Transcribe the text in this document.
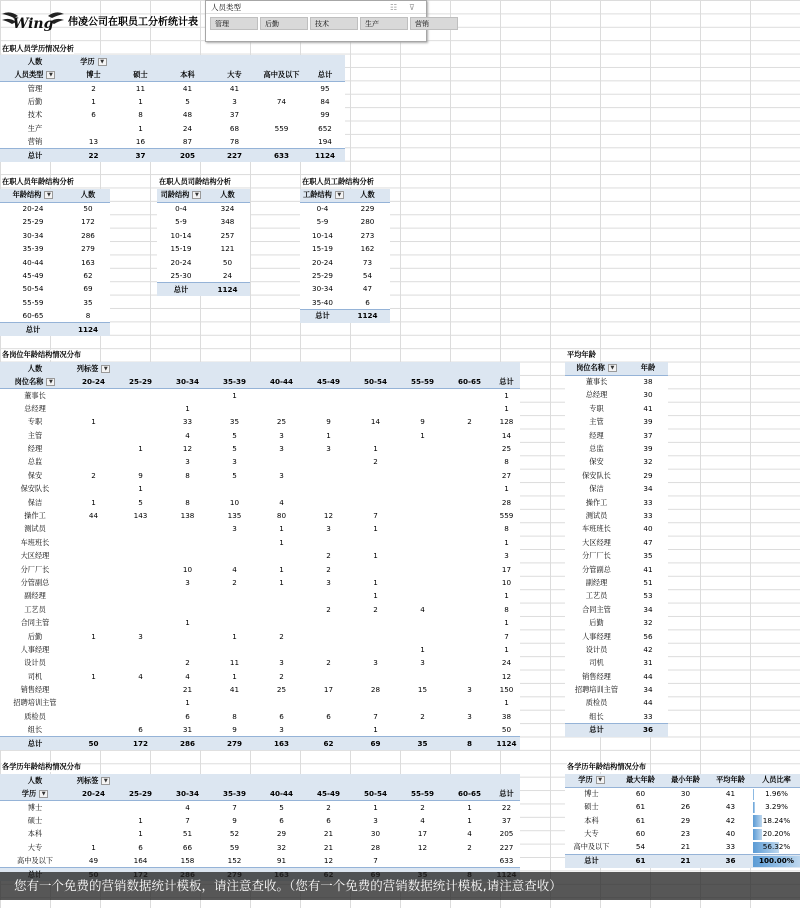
Wing 伟凌公司在职员工分析统计表
人员类型	☷ ⊽
管理	后勤	技术	生产	营销
在职人员学历情况分析
人数	学历 ▼					
人员类型 ▼	博士	硕士	本科	大专	高中及以下	总计
管理	2	11	41	41		95
后勤	1	1	5	3	74	84
技术	6	8	48	37		99
生产		1	24	68	559	652
营销	13	16	87	78		194
总计	22	37	205	227	633	1124
在职人员年龄结构分析
年龄结构 ▼	人数
20-24	50
25-29	172
30-34	286
35-39	279
40-44	163
45-49	62
50-54	69
55-59	35
60-65	8
总计	1124
在职人员司龄结构分析
司龄结构 ▼	人数
0-4	324
5-9	348
10-14	257
15-19	121
20-24	50
25-30	24
总计	1124
在职人员工龄结构分析
工龄结构 ▼	人数
0-4	229
5-9	280
10-14	273
15-19	162
20-24	73
25-29	54
30-34	47
35-40	6
总计	1124
各岗位年龄结构情况分布
人数	列标签 ▼									
岗位名称 ▼	20-24	25-29	30-34	35-39	40-44	45-49	50-54	55-59	60-65	总计
董事长				1						1
总经理			1							1
专职	1		33	35	25	9	14	9	2	128
主管			4	5	3	1		1		14
经理		1	12	5	3	3	1			25
总监			3	3			2			8
保安	2	9	8	5	3					27
保安队长		1								1
保洁	1	5	8	10	4					28
操作工	44	143	138	135	80	12	7			559
测试员				3	1	3	1			8
车班班长					1					1
大区经理						2	1			3
分厂厂长			10	4	1	2				17
分管副总			3	2	1	3	1			10
副经理							1			1
工艺员						2	2	4		8
合同主管			1							1
后勤	1	3		1	2					7
人事经理								1		1
设计员			2	11	3	2	3	3		24
司机	1	4	4	1	2					12
销售经理			21	41	25	17	28	15	3	150
招聘培训主管			1							1
质检员			6	8	6	6	7	2	3	38
组长		6	31	9	3		1			50
总计	50	172	286	279	163	62	69	35	8	1124
平均年龄
岗位名称 ▼	年龄
董事长	38
总经理	30
专职	41
主管	39
经理	37
总监	39
保安	32
保安队长	29
保洁	34
操作工	33
测试员	33
车班班长	40
大区经理	47
分厂厂长	35
分管副总	41
副经理	51
工艺员	53
合同主管	34
后勤	32
人事经理	56
设计员	42
司机	31
销售经理	44
招聘培训主管	34
质检员	44
组长	33
总计	36
各学历年龄结构情况分布
人数	列标签 ▼									
学历 ▼	20-24	25-29	30-34	35-39	40-44	45-49	50-54	55-59	60-65	总计
博士			4	7	5	2	1	2	1	22
硕士		1	7	9	6	6	3	4	1	37
本科		1	51	52	29	21	30	17	4	205
大专	1	6	66	59	32	21	28	12	2	227
高中及以下	49	164	158	152	91	12	7			633

各学历年龄结构情况分布
学历 ▼	最大年龄	最小年龄	平均年龄	人员比率
博士	60	30	41	1.96%
硕士	61	26	43	3.29%
本科	61	29	42	18.24%
大专	60	23	40	20.20%
高中及以下	54	21	33	56.32%
总计	61	21	36	100.00%
您有一个免费的营销数据统计模板，请注意查收。（您有一个免费的营销数据统计模板,请注意查收）
